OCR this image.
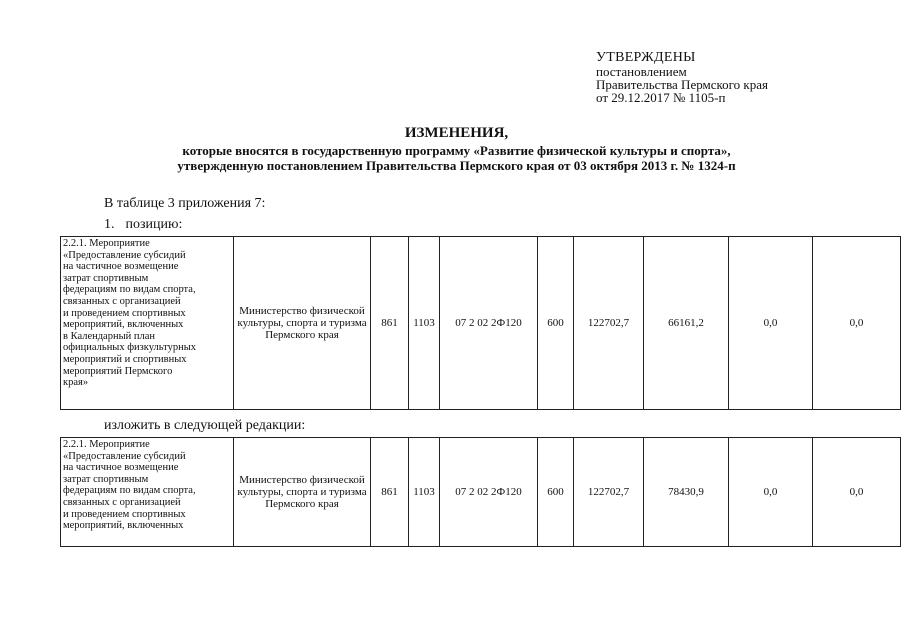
УТВЕРЖДЕНЫ
постановлением
Правительства Пермского края
от 29.12.2017 № 1105-п
ИЗМЕНЕНИЯ,
которые вносятся в государственную программу «Развитие физической культуры и спорта»,
утвержденную постановлением Правительства Пермского края от 03 октября 2013 г. № 1324-п
В таблице 3 приложения 7:
1. позицию:
2.2.1. Мероприятие
«Предоставление субсидий
на частичное возмещение
затрат спортивным
федерациям по видам спорта,
связанных с организацией
и проведением спортивных
мероприятий, включенных
в Календарный план
официальных физкультурных
мероприятий и спортивных
мероприятий Пермского
края»
	Министерство физической культуры, спорта и туризма Пермского края	861	1103	07 2 02 2Ф120	600	122702,7	66161,2	0,0	0,0
изложить в следующей редакции:
2.2.1. Мероприятие
«Предоставление субсидий
на частичное возмещение
затрат спортивным
федерациям по видам спорта,
связанных с организацией
и проведением спортивных
мероприятий, включенных
	Министерство физической культуры, спорта и туризма Пермского края	861	1103	07 2 02 2Ф120	600	122702,7	78430,9	0,0	0,0
